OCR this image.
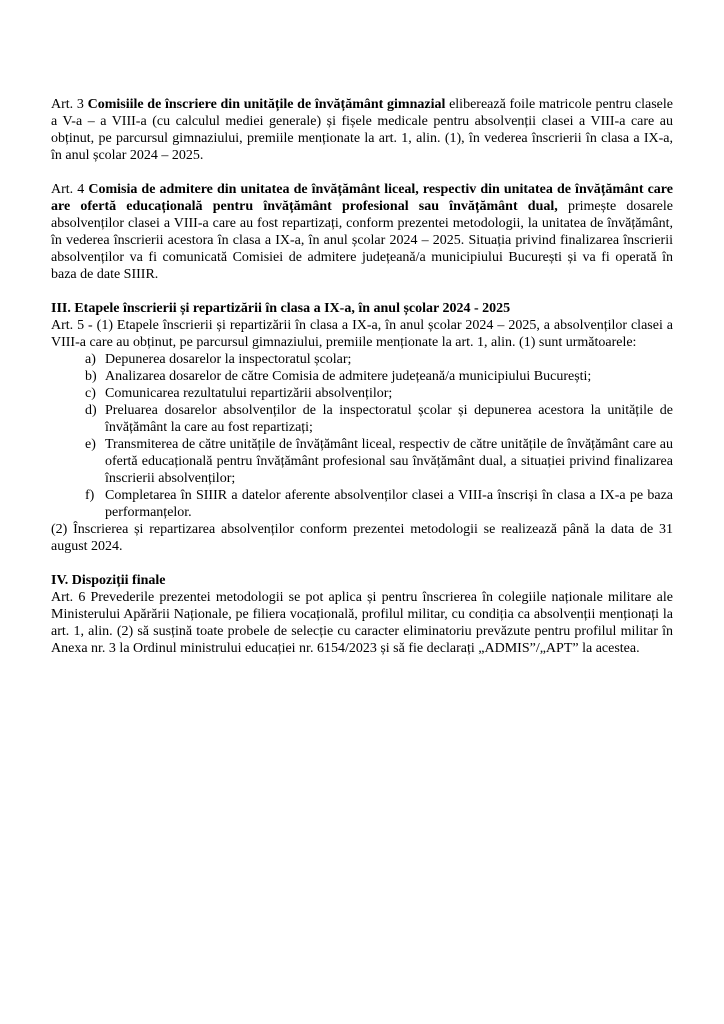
Art. 3 Comisiile de înscriere din unitățile de învățământ gimnazial eliberează foile matricole pentru clasele a V-a – a VIII-a (cu calculul mediei generale) și fișele medicale pentru absolvenții clasei a VIII-a care au obținut, pe parcursul gimnaziului, premiile menționate la art. 1, alin. (1), în vederea înscrierii în clasa a IX-a, în anul școlar 2024 – 2025.

Art. 4 Comisia de admitere din unitatea de învățământ liceal, respectiv din unitatea de învățământ care are ofertă educațională pentru învățământ profesional sau învățământ dual, primește dosarele absolvenților clasei a VIII-a care au fost repartizați, conform prezentei metodologii, la unitatea de învățământ, în vederea înscrierii acestora în clasa a IX-a, în anul școlar 2024 – 2025. Situația privind finalizarea înscrierii absolvenților va fi comunicată Comisiei de admitere județeană/a municipiului București și va fi operată în baza de date SIIIR.

III. Etapele înscrierii și repartizării în clasa a IX-a, în anul școlar 2024 - 2025

Art. 5 - (1) Etapele înscrierii și repartizării în clasa a IX-a, în anul școlar 2024 – 2025, a absolvenților clasei a VIII-a care au obținut, pe parcursul gimnaziului, premiile menționate la art. 1, alin. (1) sunt următoarele:

a) Depunerea dosarelor la inspectoratul școlar;
b) Analizarea dosarelor de către Comisia de admitere județeană/a municipiului București;
c) Comunicarea rezultatului repartizării absolvenților;
d) Preluarea dosarelor absolvenților de la inspectoratul școlar și depunerea acestora la unitățile de învățământ la care au fost repartizați;
e) Transmiterea de către unitățile de învățământ liceal, respectiv de către unitățile de învățământ care au ofertă educațională pentru învățământ profesional sau învățământ dual, a situației privind finalizarea înscrierii absolvenților;
f) Completarea în SIIIR a datelor aferente absolvenților clasei a VIII-a înscriși în clasa a IX-a pe baza performanțelor.

(2) Înscrierea și repartizarea absolvenților conform prezentei metodologii se realizează până la data de 31 august 2024.

IV. Dispoziții finale

Art. 6 Prevederile prezentei metodologii se pot aplica și pentru înscrierea în colegiile naționale militare ale Ministerului Apărării Naționale, pe filiera vocațională, profilul militar, cu condiția ca absolvenții menționați la art. 1, alin. (2) să susțină toate probele de selecție cu caracter eliminatoriu prevăzute pentru profilul militar în Anexa nr. 3 la Ordinul ministrului educației nr. 6154/2023 și să fie declarați „ADMIS”/„APT” la acestea.
